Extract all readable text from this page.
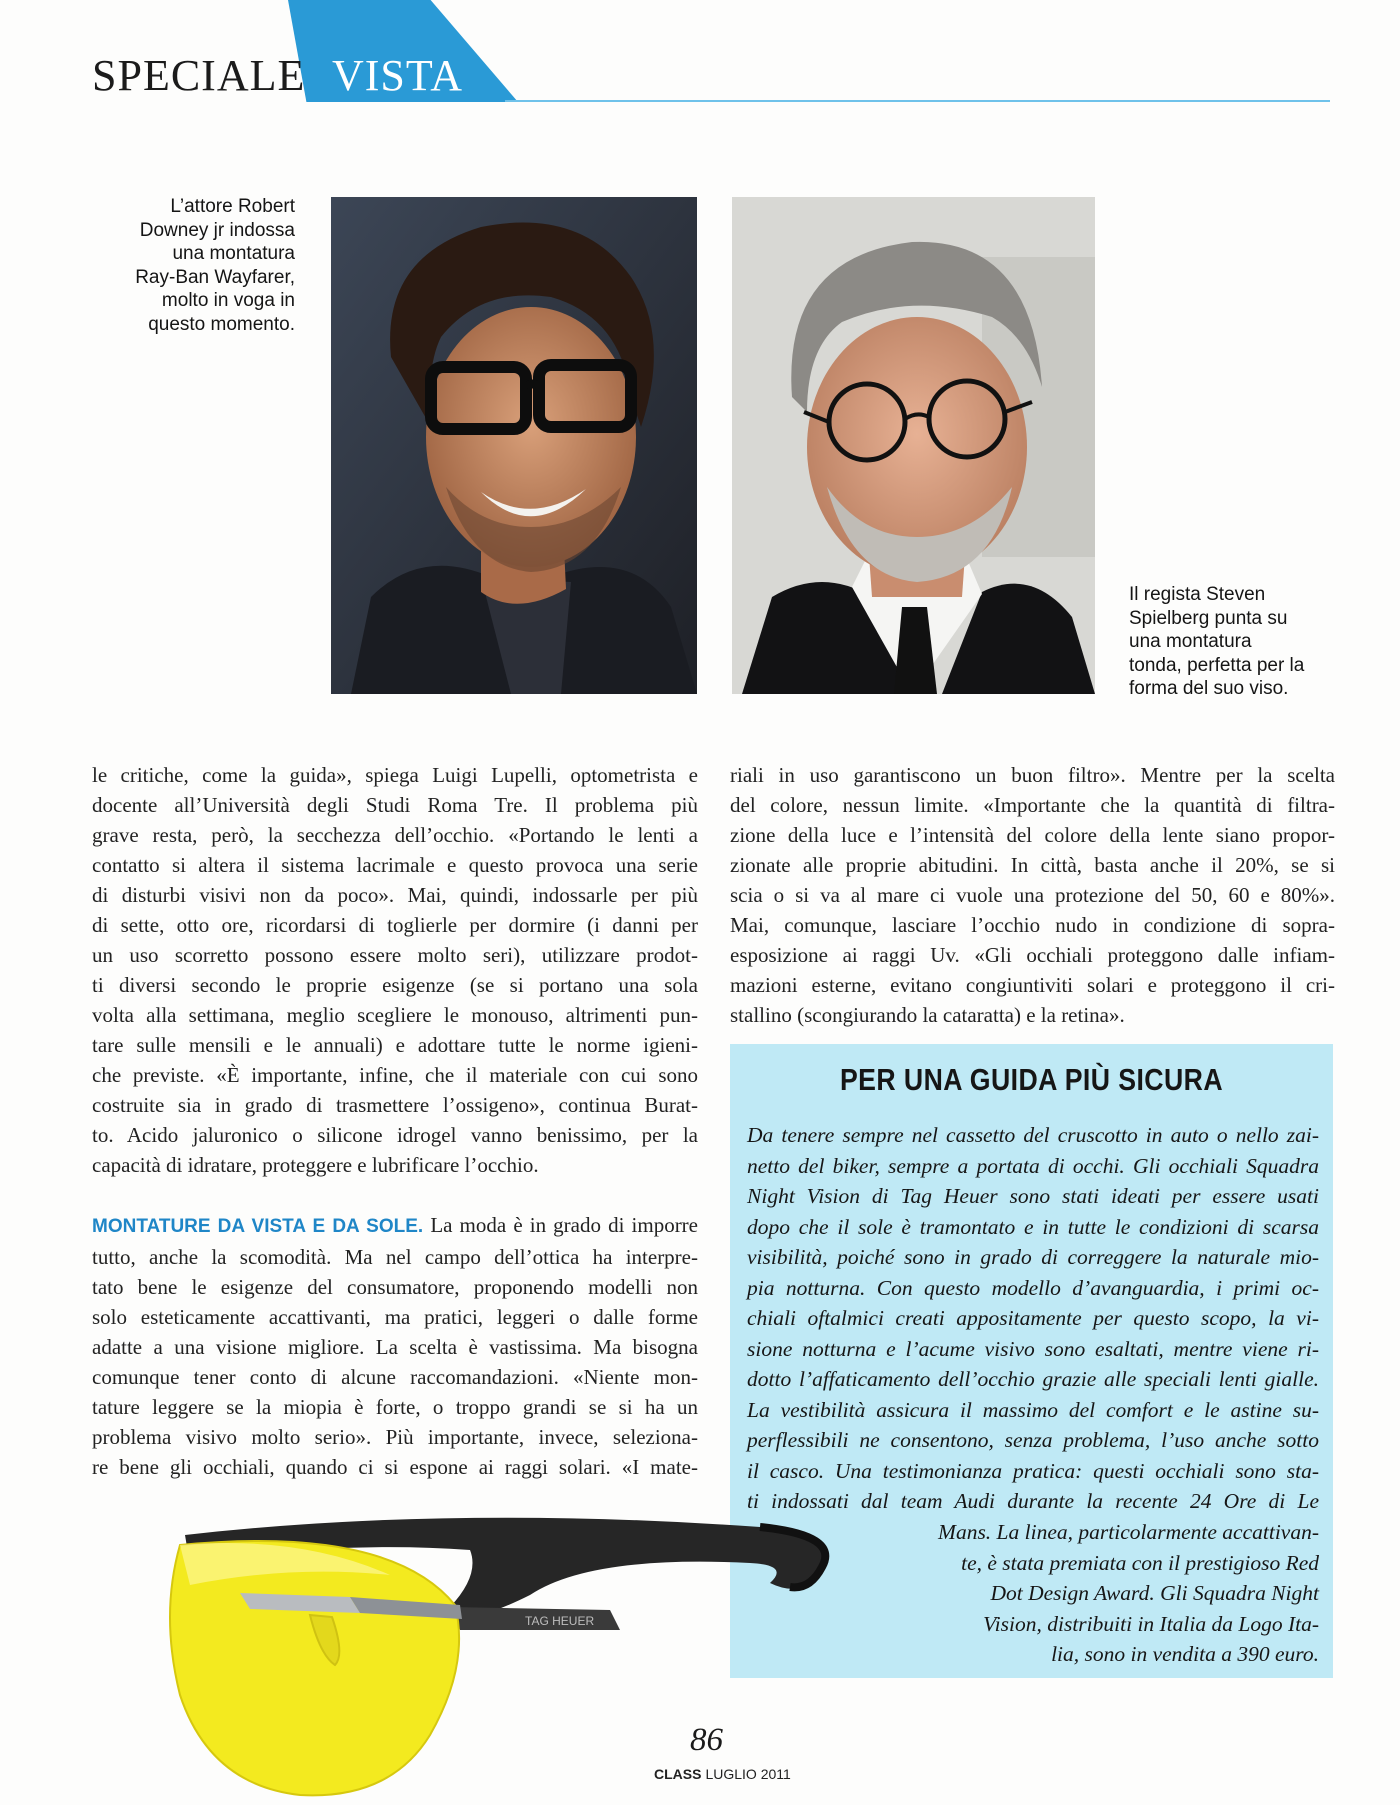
SPECIALE VISTA
L’attore Robert
Downey jr indossa
una montatura
Ray-Ban Wayfarer,
molto in voga in
questo momento.
Il regista Steven
Spielberg punta su
una montatura
tonda, perfetta per la
forma del suo viso.
le critiche, come la guida», spiega Luigi Lupelli, optometrista e
docente all’Università degli Studi Roma Tre. Il problema più
grave resta, però, la secchezza dell’occhio. «Portando le lenti a
contatto si altera il sistema lacrimale e questo provoca una serie
di disturbi visivi non da poco». Mai, quindi, indossarle per più
di sette, otto ore, ricordarsi di toglierle per dormire (i danni per
un uso scorretto possono essere molto seri), utilizzare prodot-
ti diversi secondo le proprie esigenze (se si portano una sola
volta alla settimana, meglio scegliere le monouso, altrimenti pun-
tare sulle mensili e le annuali) e adottare tutte le norme igieni-
che previste. «È importante, infine, che il materiale con cui sono
costruite sia in grado di trasmettere l’ossigeno», continua Burat-
to. Acido jaluronico o silicone idrogel vanno benissimo, per la
capacità di idratare, proteggere e lubrificare l’occhio.
MONTATURE DA VISTA E DA SOLE. La moda è in grado di imporre
tutto, anche la scomodità. Ma nel campo dell’ottica ha interpre-
tato bene le esigenze del consumatore, proponendo modelli non
solo esteticamente accattivanti, ma pratici, leggeri o dalle forme
adatte a una visione migliore. La scelta è vastissima. Ma bisogna
comunque tener conto di alcune raccomandazioni. «Niente mon-
tature leggere se la miopia è forte, o troppo grandi se si ha un
problema visivo molto serio». Più importante, invece, seleziona-
re bene gli occhiali, quando ci si espone ai raggi solari. «I mate-
riali in uso garantiscono un buon filtro». Mentre per la scelta
del colore, nessun limite. «Importante che la quantità di filtra-
zione della luce e l’intensità del colore della lente siano propor-
zionate alle proprie abitudini. In città, basta anche il 20%, se si
scia o si va al mare ci vuole una protezione del 50, 60 e 80%».
Mai, comunque, lasciare l’occhio nudo in condizione di sopra-
esposizione ai raggi Uv. «Gli occhiali proteggono dalle infiam-
mazioni esterne, evitano congiuntiviti solari e proteggono il cri-
stallino (scongiurando la cataratta) e la retina».
PER UNA GUIDA PIÙ SICURA
Da tenere sempre nel cassetto del cruscotto in auto o nello zai-
netto del biker, sempre a portata di occhi. Gli occhiali Squadra
Night Vision di Tag Heuer sono stati ideati per essere usati
dopo che il sole è tramontato e in tutte le condizioni di scarsa
visibilità, poiché sono in grado di correggere la naturale mio-
pia notturna. Con questo modello d’avanguardia, i primi oc-
chiali oftalmici creati appositamente per questo scopo, la vi-
sione notturna e l’acume visivo sono esaltati, mentre viene ri-
dotto l’affaticamento dell’occhio grazie alle speciali lenti gialle.
La vestibilità assicura il massimo del comfort e le astine su-
perflessibili ne consentono, senza problema, l’uso anche sotto
il casco. Una testimonianza pratica: questi occhiali sono sta-
ti indossati dal team Audi durante la recente 24 Ore di Le
Mans. La linea, particolarmente accattivan-
te, è stata premiata con il prestigioso Red
Dot Design Award. Gli Squadra Night
Vision, distribuiti in Italia da Logo Ita-
lia, sono in vendita a 390 euro.
TAG HEUER
86
CLASS LUGLIO 2011
